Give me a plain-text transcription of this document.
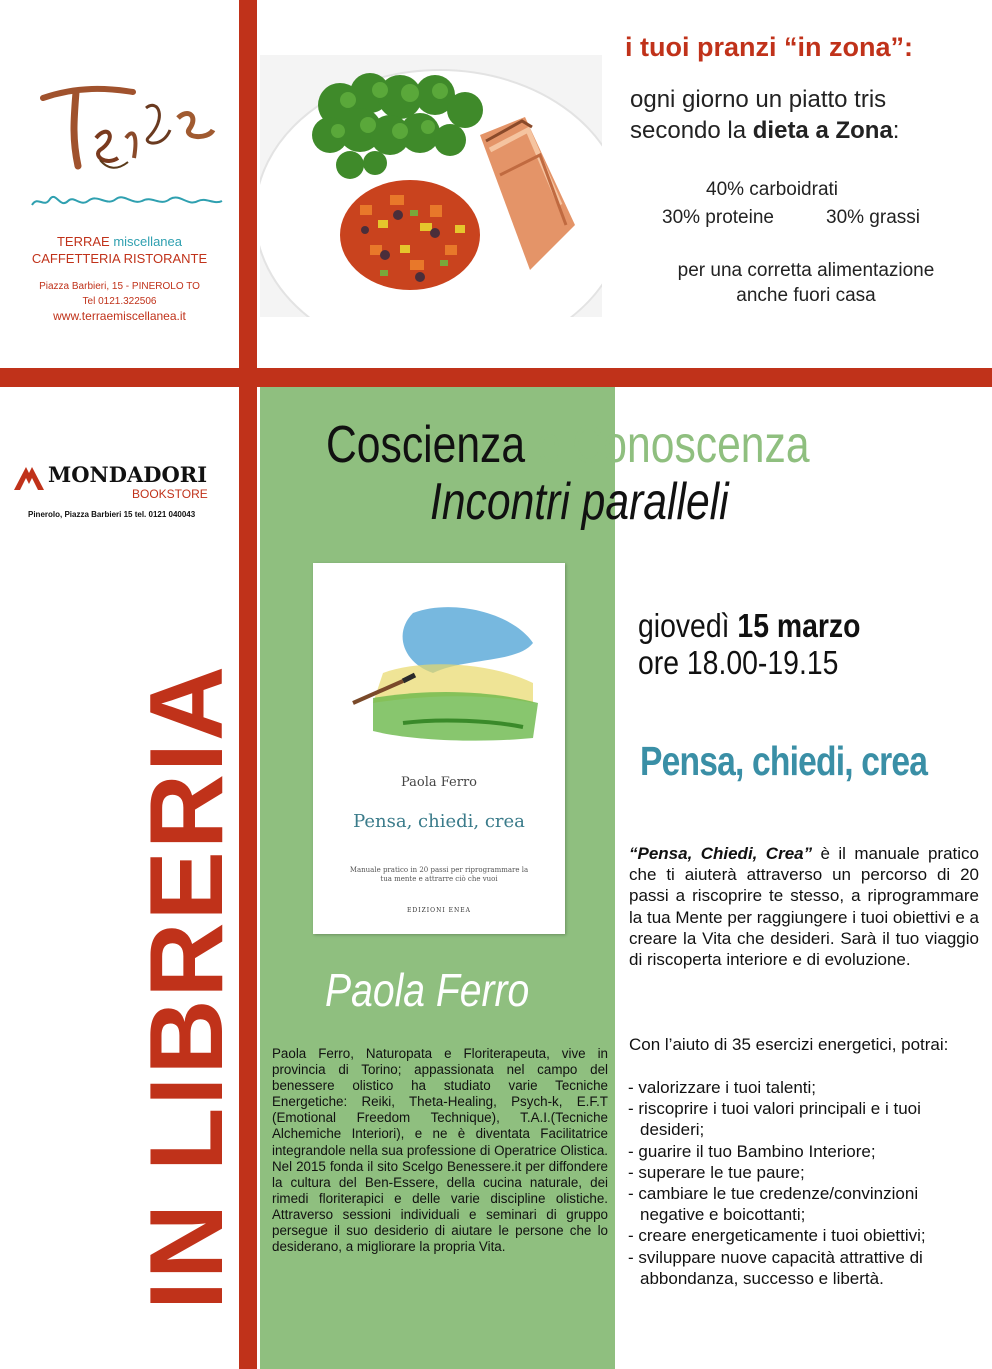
Terrae
TERRAE miscellanea
CAFFETTERIA RISTORANTE
Piazza Barbieri, 15 - PINEROLO TO
Tel 0121.322506
www.terraemiscellanea.it
i tuoi pranzi “in zona”:
ogni giorno un piatto tris
secondo la dieta a Zona:
40% carboidrati
30% proteine	30% grassi
per una corretta alimentazione
anche fuori casa
MONDADORI
BOOKSTORE
Pinerolo, Piazza Barbieri 15 tel. 0121 040043
IN LIBRERIA
Coscienza e Conoscenza
Incontri paralleli
Paola Ferro
Pensa, chiedi, crea
Manuale pratico in 20 passi per riprogrammare la tua mente e attrarre ciò che vuoi
EDIZIONI ENEA
Paola Ferro
Paola Ferro, Naturopata e Floriterapeuta, vive in provincia di Torino; appassionata nel campo del benessere olistico ha studiato varie Tecniche Energetiche: Reiki, Theta-Healing, Psych-k, E.F.T (Emotional Freedom Technique), T.A.I.(Tecniche Alchemiche Interiori), e ne è diventata Facilitatrice integrandole nella sua professione di Operatrice Olistica. Nel 2015 fonda il sito Scelgo Benessere.it per diffondere la cultura del Ben-Essere, della cucina naturale, dei rimedi floriterapici e delle varie discipline olistiche. Attraverso sessioni individuali e seminari di gruppo persegue il suo desiderio di aiutare le persone che lo desiderano, a migliorare la propria Vita.
giovedì 15 marzo
ore 18.00-19.15
Pensa, chiedi, crea
“Pensa, Chiedi, Crea” è il manuale pratico che ti aiuterà attraverso un percorso di 20 passi a riscoprire te stesso, a riprogrammare la tua Mente per raggiungere i tuoi obiettivi e a creare la Vita che desideri. Sarà il tuo viaggio di riscoperta interiore e di evoluzione.
Con l’aiuto di 35 esercizi energetici, potrai:
- valorizzare i tuoi talenti;
- riscoprire i tuoi valori principali e i tuoi desideri;
- guarire il tuo Bambino Interiore;
- superare le tue paure;
- cambiare le tue credenze/convinzioni negative e boicottanti;
- creare energeticamente i tuoi obiettivi;
- sviluppare nuove capacità attrattive di abbondanza, successo e libertà.
